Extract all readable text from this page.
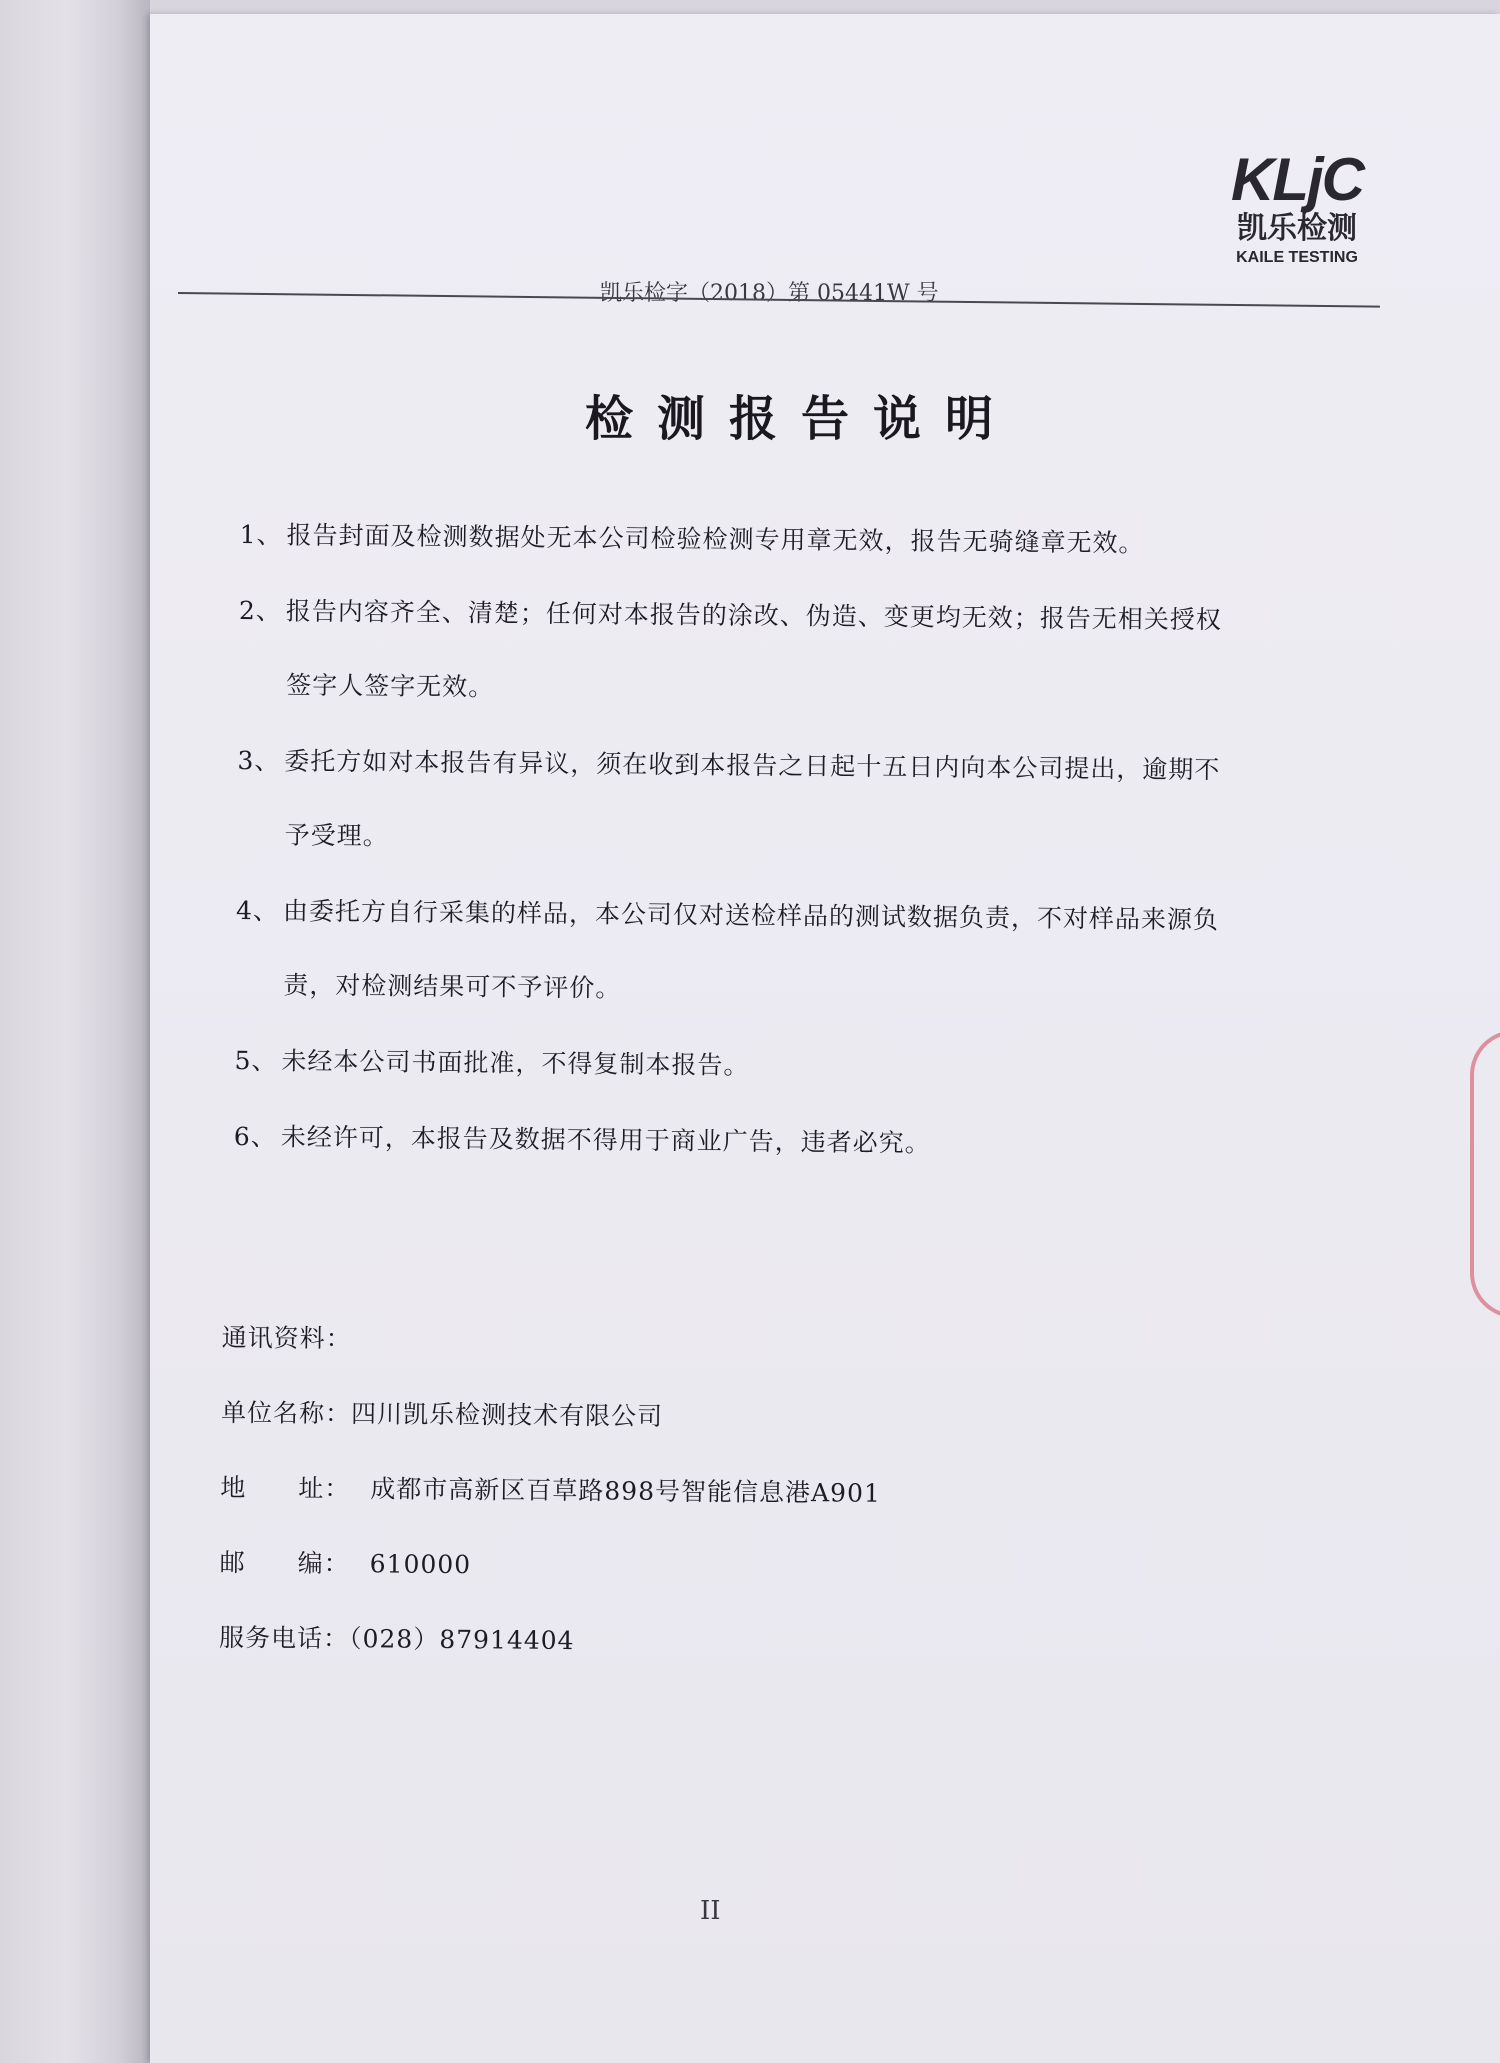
KLjC
凯乐检测
KAILE TESTING
凯乐检字（2018）第 05441W 号
检测报告说明
1、 报告封面及检测数据处无本公司检验检测专用章无效，报告无骑缝章无效。
2、 报告内容齐全、清楚；任何对本报告的涂改、伪造、变更均无效；报告无相关授权
签字人签字无效。
3、 委托方如对本报告有异议，须在收到本报告之日起十五日内向本公司提出，逾期不
予受理。
4、 由委托方自行采集的样品，本公司仅对送检样品的测试数据负责，不对样品来源负
责，对检测结果可不予评价。
5、 未经本公司书面批准，不得复制本报告。
6、 未经许可，本报告及数据不得用于商业广告，违者必究。
通讯资料：
单位名称：四川凯乐检测技术有限公司
地　　址： 成都市高新区百草路898号智能信息港A901
邮　　编： 610000
服务电话：（028）87914404
II
